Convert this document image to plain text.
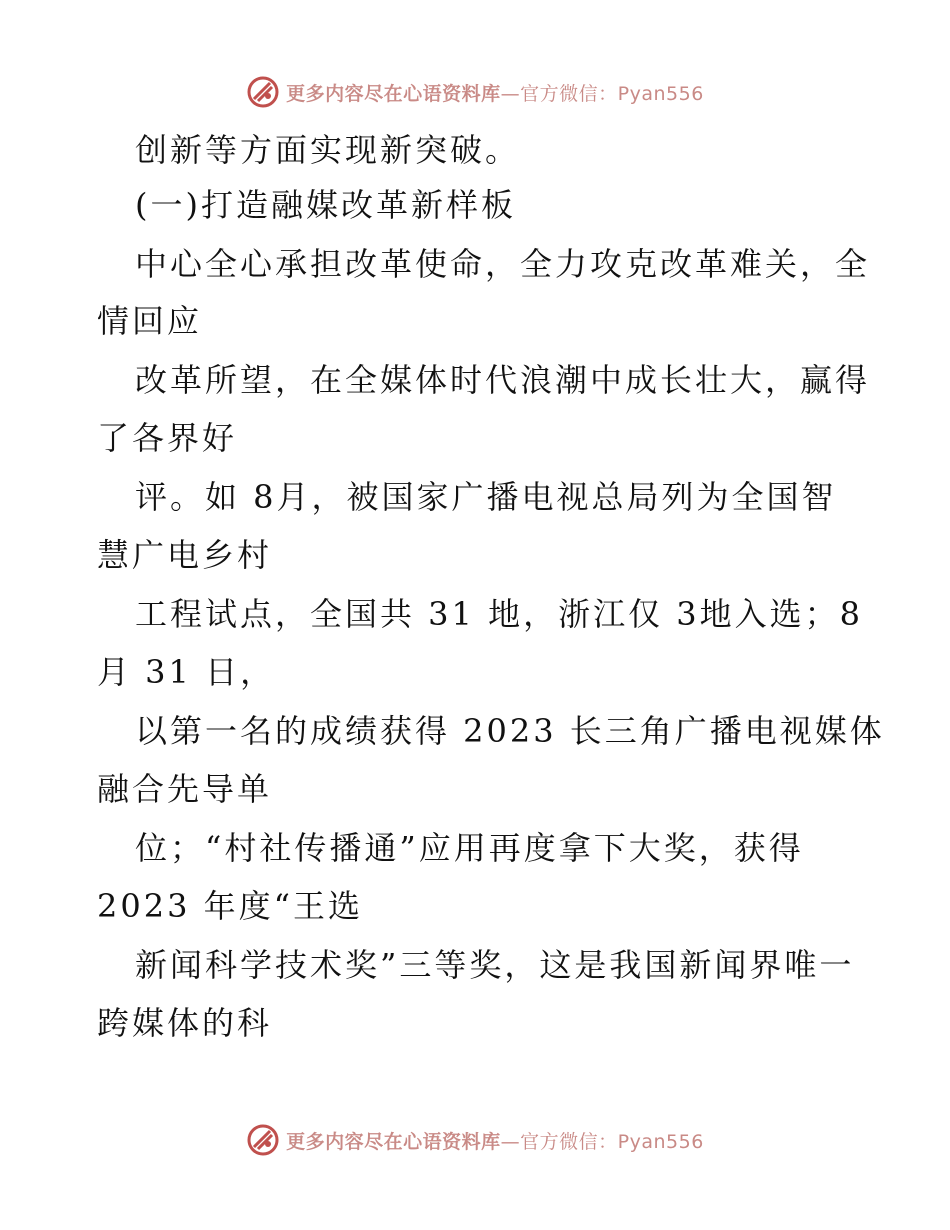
更多内容尽在心语资料库—官方微信：Pyan556
创新等方面实现新突破。
(一)打造融媒改革新样板
中心全心承担改革使命，全力攻克改革难关，全
情回应
改革所望，在全媒体时代浪潮中成长壮大，赢得
了各界好
评。如 8月，被国家广播电视总局列为全国智
慧广电乡村
工程试点，全国共 31 地，浙江仅 3地入选；8
月 31 日，
以第一名的成绩获得 2023 长三角广播电视媒体
融合先导单
位；“村社传播通”应用再度拿下大奖，获得
2023 年度“王选
新闻科学技术奖”三等奖，这是我国新闻界唯一
跨媒体的科
更多内容尽在心语资料库—官方微信：Pyan556
